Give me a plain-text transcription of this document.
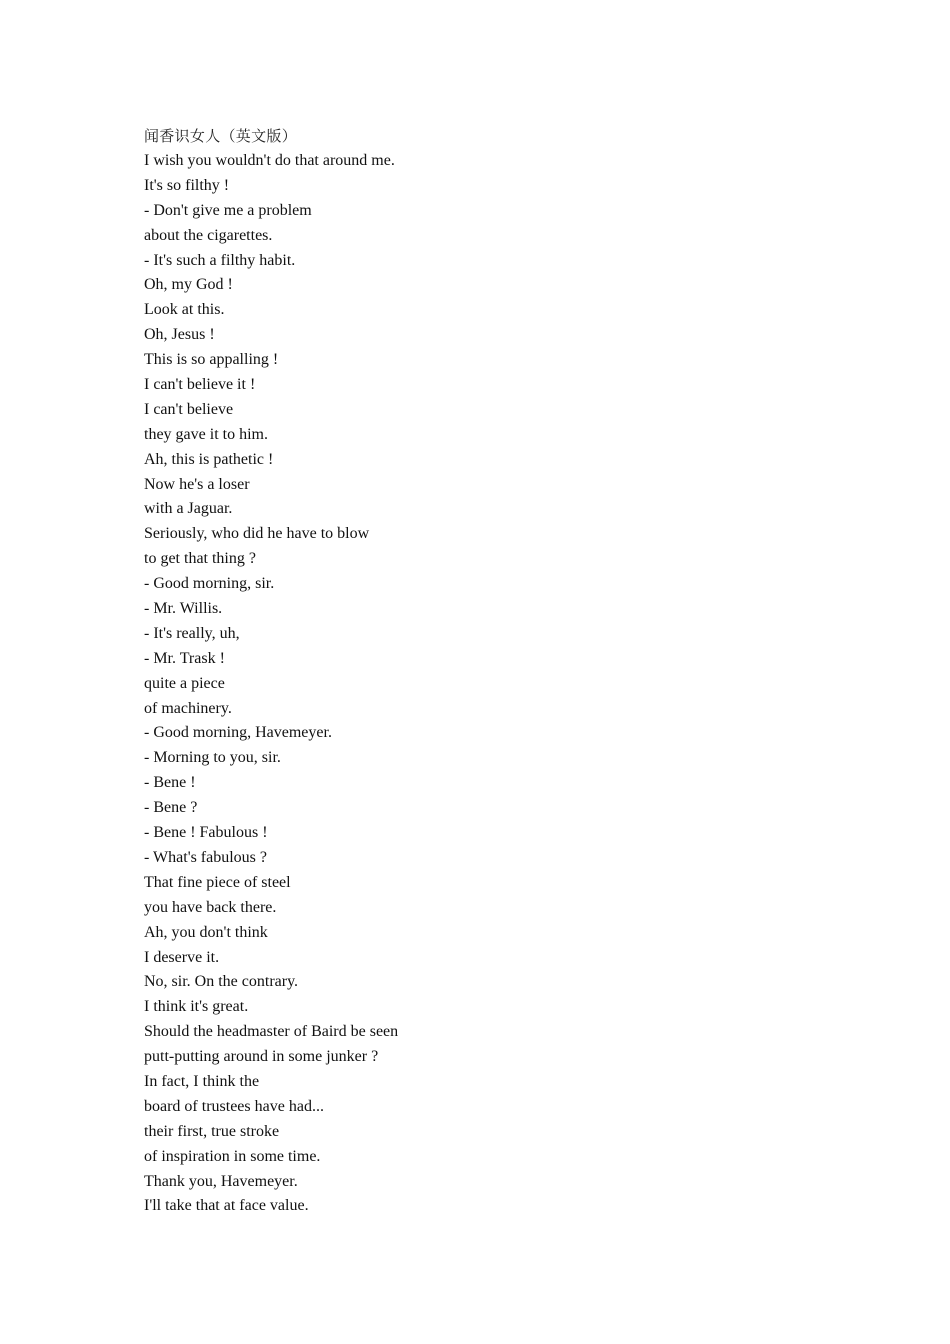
闻香识女人（英文版）
I wish you wouldn't do that around me.
It's so filthy !
- Don't give me a problem
about the cigarettes.
- It's such a filthy habit.
Oh, my God !
Look at this.
Oh, Jesus !
This is so appalling !
I can't believe it !
I can't believe
they gave it to him.
Ah, this is pathetic !
Now he's a loser
with a Jaguar.
Seriously, who did he have to blow
to get that thing ?
- Good morning, sir.
- Mr. Willis.
- It's really, uh,
- Mr. Trask !
quite a piece
of machinery.
- Good morning, Havemeyer.
- Morning to you, sir.
- Bene !
- Bene ?
- Bene ! Fabulous !
- What's fabulous ?
That fine piece of steel
you have back there.
Ah, you don't think
I deserve it.
No, sir. On the contrary.
I think it's great.
Should the headmaster of Baird be seen
putt-putting around in some junker ?
In fact, I think the
board of trustees have had...
their first, true stroke
of inspiration in some time.
Thank you, Havemeyer.
I'll take that at face value.
